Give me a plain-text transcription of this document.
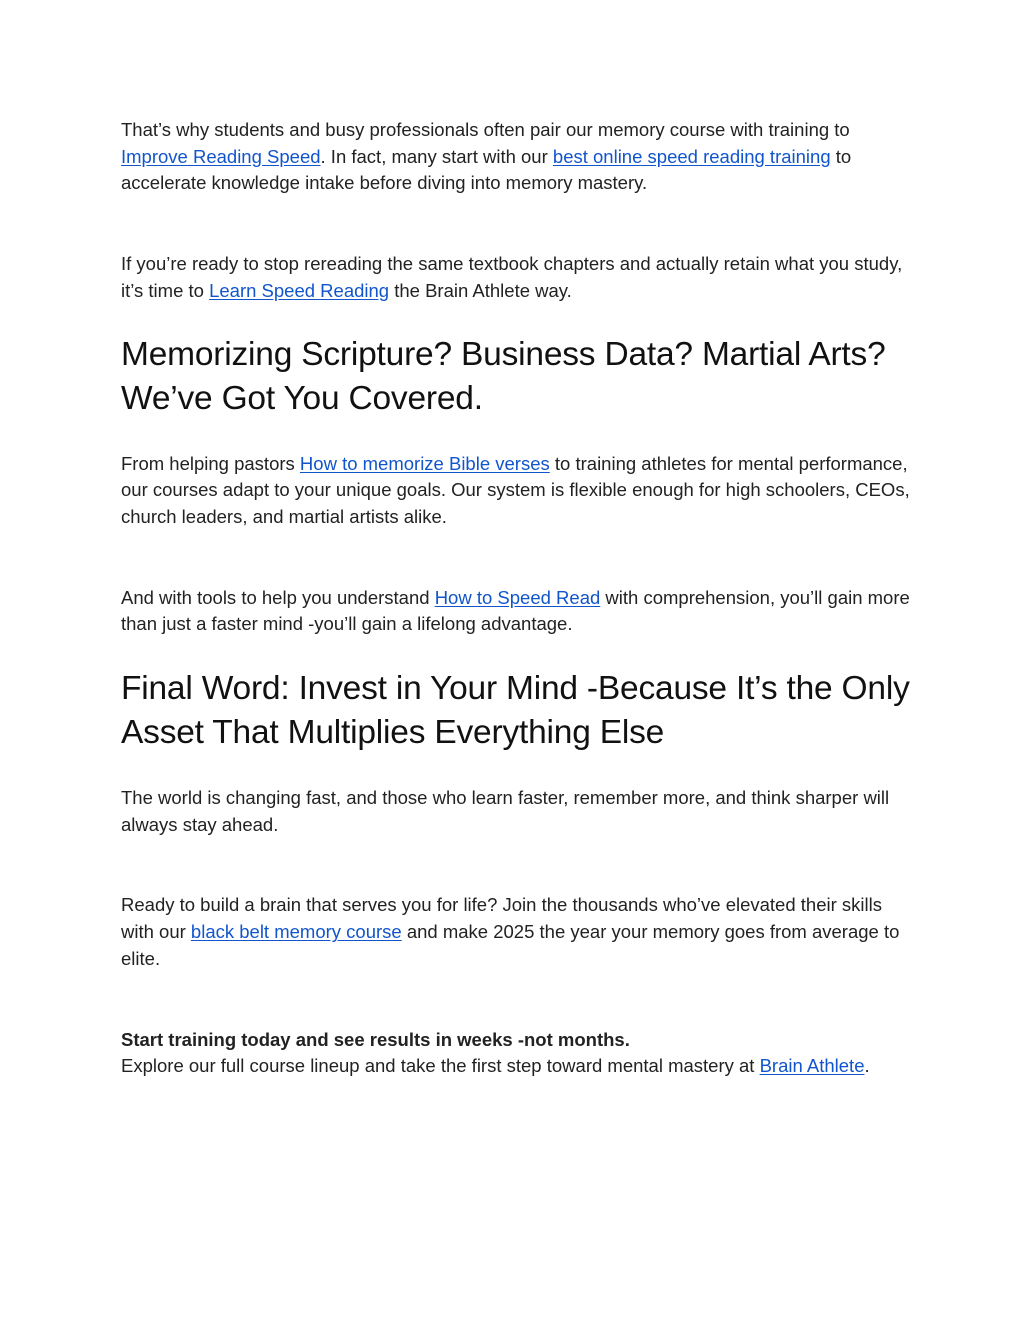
That’s why students and busy professionals often pair our memory course with training to Improve Reading Speed. In fact, many start with our best online speed reading training to accelerate knowledge intake before diving into memory mastery.

If you’re ready to stop rereading the same textbook chapters and actually retain what you study, it’s time to Learn Speed Reading the Brain Athlete way.

Memorizing Scripture? Business Data? Martial Arts? We’ve Got You Covered.

From helping pastors How to memorize Bible verses to training athletes for mental performance, our courses adapt to your unique goals. Our system is flexible enough for high schoolers, CEOs, church leaders, and martial artists alike.

And with tools to help you understand How to Speed Read with comprehension, you’ll gain more than just a faster mind -you’ll gain a lifelong advantage.

Final Word: Invest in Your Mind -Because It’s the Only Asset That Multiplies Everything Else

The world is changing fast, and those who learn faster, remember more, and think sharper will always stay ahead.

Ready to build a brain that serves you for life? Join the thousands who’ve elevated their skills with our black belt memory course and make 2025 the year your memory goes from average to elite.

Start training today and see results in weeks -not months.

Explore our full course lineup and take the first step toward mental mastery at Brain Athlete.
